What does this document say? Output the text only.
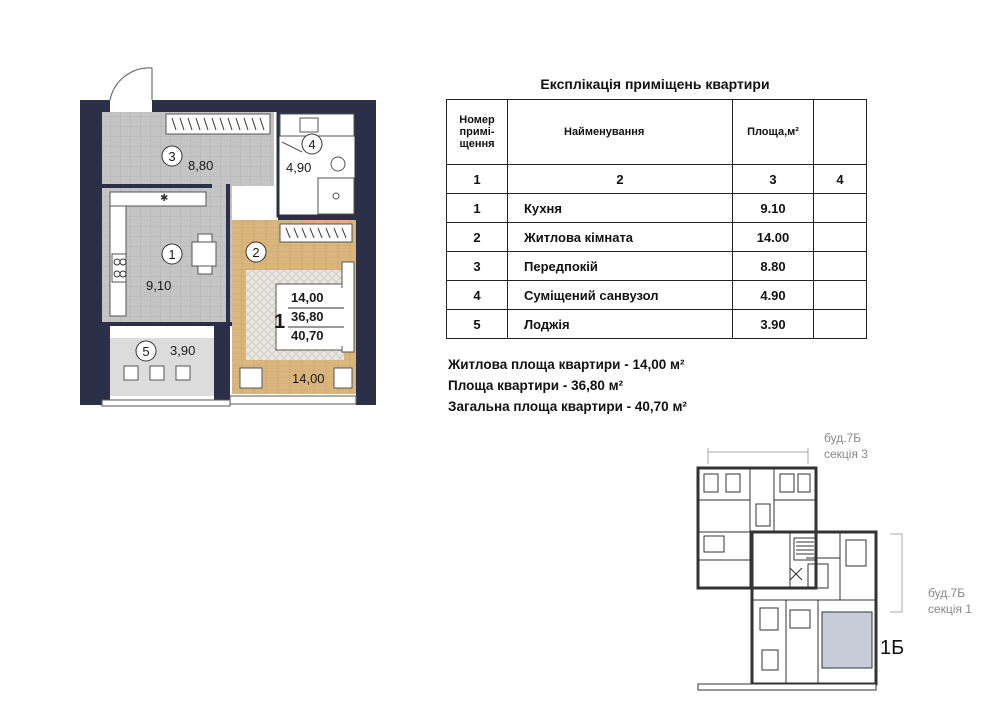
✱
3
8,80
4
4,90
1
9,10
2
14,00
5 3,90
1
14,00
36,80
40,70
Експлікація приміщень квартири
Номер примі- щення	Найменування	Площа,м²	
1	2	3	4
1	Кухня	9.10	
2	Житлова кімната	14.00	
3	Передпокій	8.80	
4	Суміщений санвузол	4.90	
5	Лоджія	3.90	
Житлова площа квартири - 14,00 м²
Площа квартири - 36,80 м²
Загальна площа квартири - 40,70 м²
буд.7Б
секція 3
буд.7Б
секція 1
1Б
